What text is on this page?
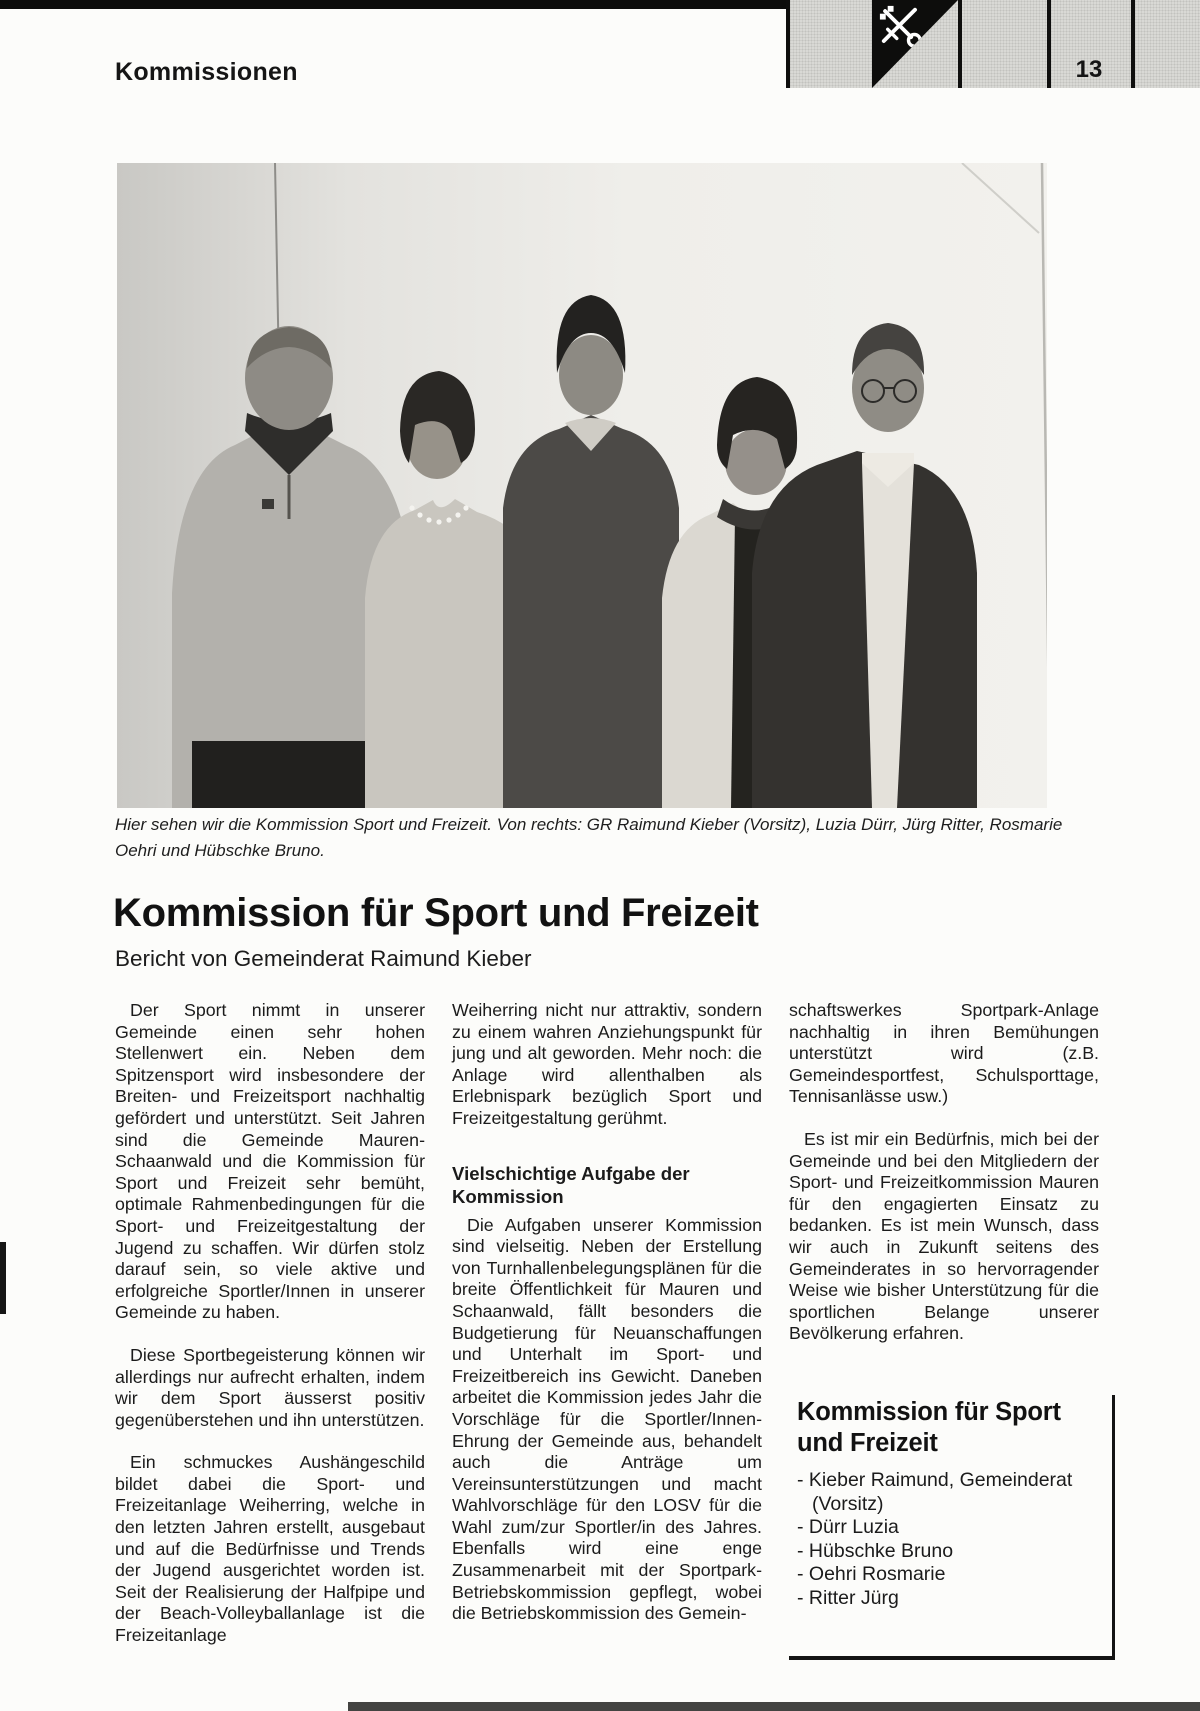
13
Kommissionen
Hier sehen wir die Kommission Sport und Freizeit. Von rechts: GR Raimund Kieber (Vorsitz), Luzia Dürr, Jürg Ritter, Rosmarie Oehri und Hübschke Bruno.
Kommission für Sport und Freizeit
Bericht von Gemeinderat Raimund Kieber

Der Sport nimmt in unserer Gemeinde einen sehr hohen Stellenwert ein. Neben dem Spitzensport wird insbesondere der Breiten- und Freizeitsport nachhaltig gefördert und unterstützt. Seit Jahren sind die Gemeinde Mauren-Schaanwald und die Kommission für Sport und Freizeit sehr bemüht, optimale Rahmenbedingungen für die Sport- und Freizeitgestaltung der Jugend zu schaffen. Wir dürfen stolz darauf sein, so viele aktive und erfolgreiche Sportler/Innen in unserer Gemeinde zu haben.

Diese Sportbegeisterung können wir allerdings nur aufrecht erhalten, indem wir dem Sport äusserst positiv gegenüberstehen und ihn unterstützen.

Ein schmuckes Aushängeschild bildet dabei die Sport- und Freizeitanlage Weiherring, welche in den letzten Jahren erstellt, ausgebaut und auf die Bedürfnisse und Trends der Jugend ausgerichtet worden ist. Seit der Realisierung der Halfpipe und der Beach-Volleyballanlage ist die Freizeitanlage

Weiherring nicht nur attraktiv, sondern zu einem wahren Anziehungspunkt für jung und alt geworden. Mehr noch: die Anlage wird allenthalben als Erlebnispark bezüglich Sport und Freizeitgestaltung gerühmt.

Vielschichtige Aufgabe der Kommission

Die Aufgaben unserer Kommission sind vielseitig. Neben der Erstellung von Turnhallenbelegungsplänen für die breite Öffentlichkeit für Mauren und Schaanwald, fällt besonders die Budgetierung für Neuanschaffungen und Unterhalt im Sport- und Freizeitbereich ins Gewicht. Daneben arbeitet die Kommission jedes Jahr die Vorschläge für die Sportler/Innen- Ehrung der Gemeinde aus, behandelt auch die Anträge um Vereinsunterstützungen und macht Wahlvorschläge für den LOSV für die Wahl zum/zur Sportler/in des Jahres. Ebenfalls wird eine enge Zusammenarbeit mit der Sportpark-Betriebskommission gepflegt, wobei die Betriebskommission des Gemein-

schaftswerkes Sportpark-Anlage nachhaltig in ihren Bemühungen unterstützt wird (z.B. Gemeindesportfest, Schulsporttage, Tennisanlässe usw.)

Es ist mir ein Bedürfnis, mich bei der Gemeinde und bei den Mitgliedern der Sport- und Freizeitkommission Mauren für den engagierten Einsatz zu bedanken. Es ist mein Wunsch, dass wir auch in Zukunft seitens des Gemeinderates in so hervorragender Weise wie bisher Unterstützung für die sportlichen Belange unserer Bevölkerung erfahren.

Kommission für Sport und Freizeit
- Kieber Raimund, Gemeinderat (Vorsitz)
- Dürr Luzia
- Hübschke Bruno
- Oehri Rosmarie
- Ritter Jürg
